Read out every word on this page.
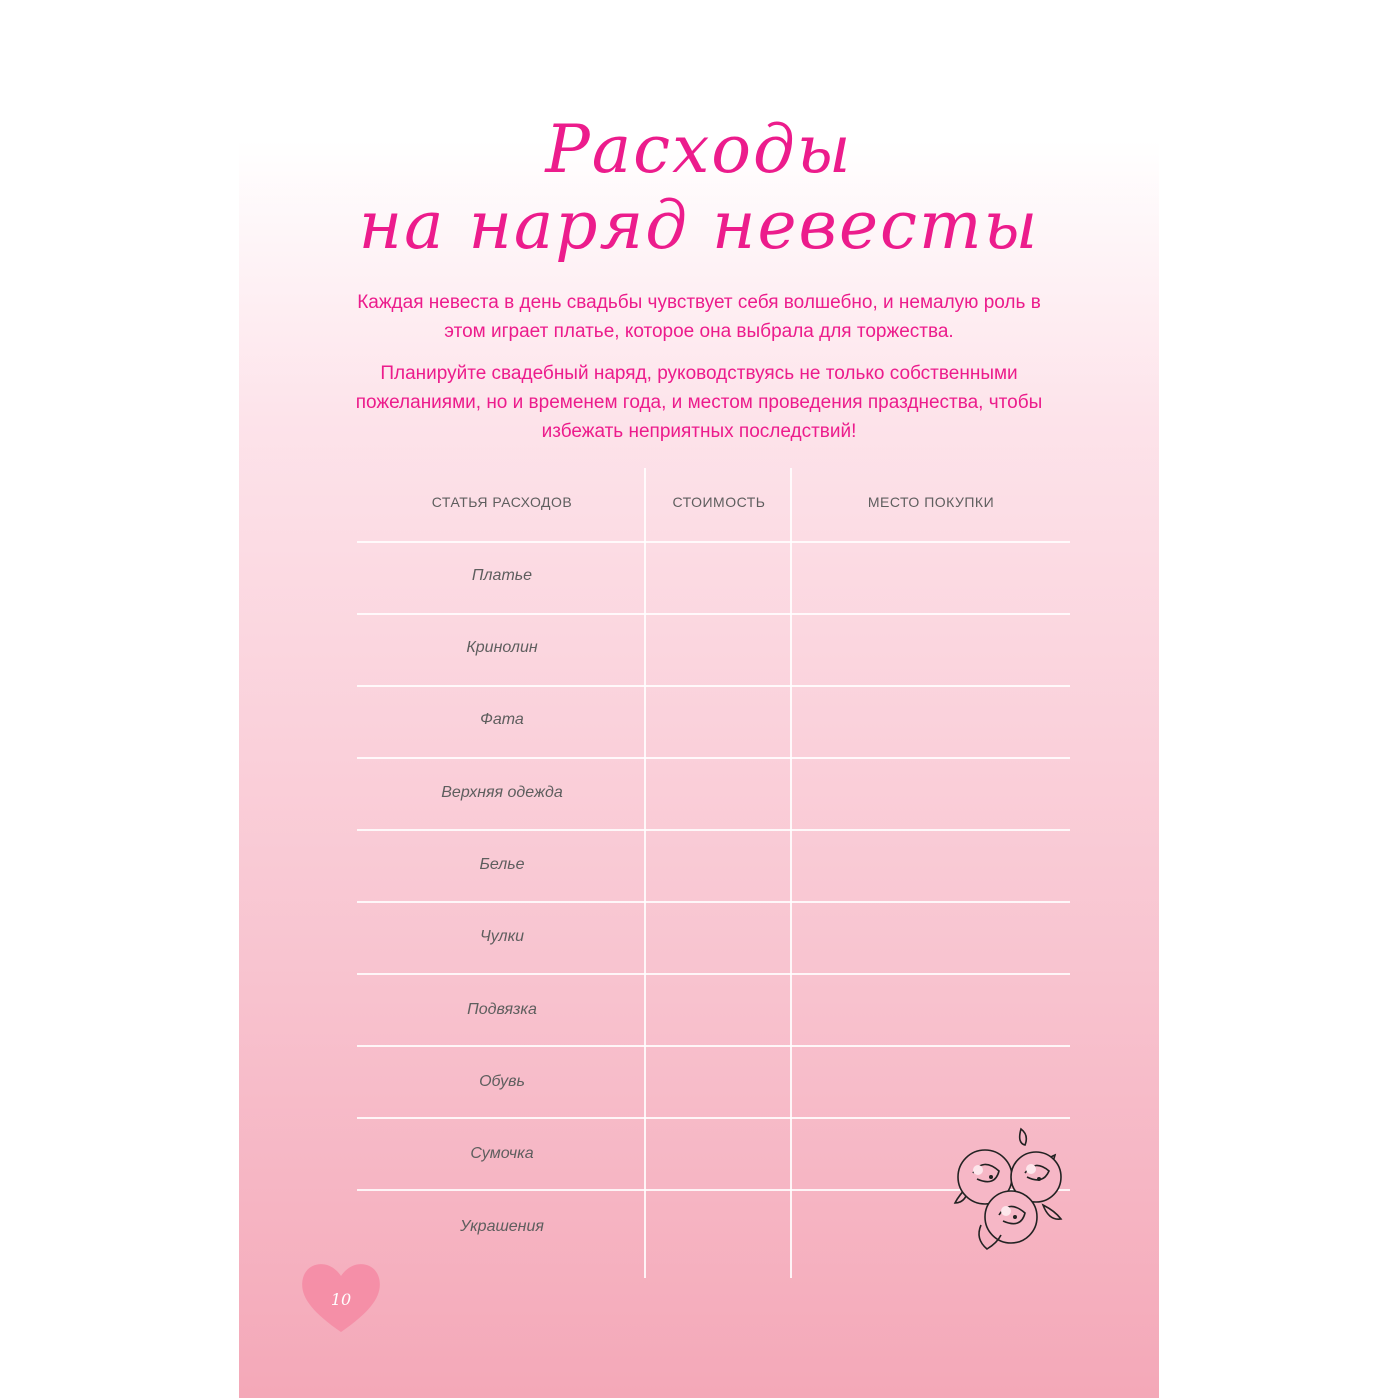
Расходы
на наряд невесты
Каждая невеста в день свадьбы чувствует себя волшебно, и немалую роль в этом играет платье, которое она выбрала для торжества.
Планируйте свадебный наряд, руководствуясь не только собственными пожеланиями, но и временем года, и местом проведения празднества, чтобы избежать неприятных последствий!
СТАТЬЯ РАСХОДОВ	СТОИМОСТЬ	МЕСТО ПОКУПКИ
Платье
Кринолин
Фата
Верхняя одежда
Белье
Чулки
Подвязка
Обувь
Сумочка
Украшения
10
